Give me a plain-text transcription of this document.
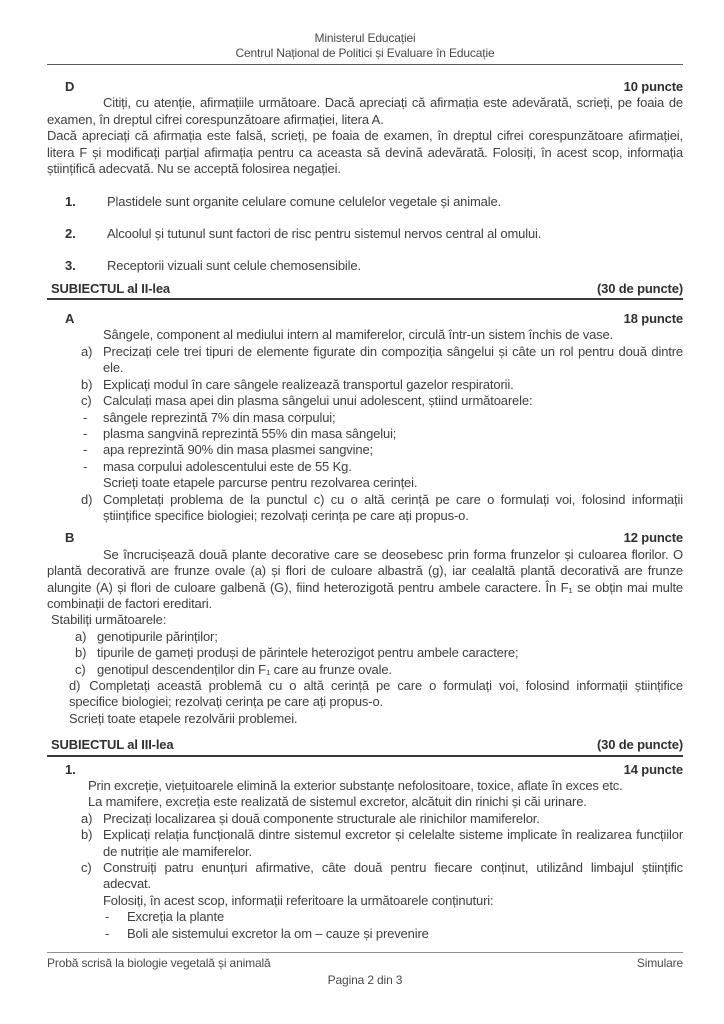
Ministerul Educației
Centrul Național de Politici și Evaluare în Educație
D	10 puncte

Citiți, cu atenție, afirmațiile următoare. Dacă apreciați că afirmația este adevărată, scrieți, pe foaia de examen, în dreptul cifrei corespunzătoare afirmației, litera A.

Dacă apreciați că afirmația este falsă, scrieți, pe foaia de examen, în dreptul cifrei corespunzătoare afirmației, litera F și modificați parțial afirmația pentru ca aceasta să devină adevărată. Folosiți, în acest scop, informația științifică adecvată. Nu se acceptă folosirea negației.

1. Plastidele sunt organite celulare comune celulelor vegetale și animale.
2. Alcoolul și tutunul sunt factori de risc pentru sistemul nervos central al omului.
3. Receptorii vizuali sunt celule chemosensibile.
SUBIECTUL al II-lea	(30 de puncte)
A	18 puncte

Sângele, component al mediului intern al mamiferelor, circulă într-un sistem închis de vase.

a) Precizați cele trei tipuri de elemente figurate din compoziția sângelui și câte un rol pentru două dintre ele.
b) Explicați modul în care sângele realizează transportul gazelor respiratorii.
c) Calculați masa apei din plasma sângelui unui adolescent, știind următoarele:
- sângele reprezintă 7% din masa corpului;
- plasma sangvină reprezintă 55% din masa sângelui;
- apa reprezintă 90% din masa plasmei sangvine;
- masa corpului adolescentului este de 55 Kg.
Scrieți toate etapele parcurse pentru rezolvarea cerinței.
d) Completați problema de la punctul c) cu o altă cerință pe care o formulați voi, folosind informații științifice specifice biologiei; rezolvați cerința pe care ați propus-o.
B	12 puncte

Se încrucișează două plante decorative care se deosebesc prin forma frunzelor și culoarea florilor. O plantă decorativă are frunze ovale (a) și flori de culoare albastră (g), iar cealaltă plantă decorativă are frunze alungite (A) și flori de culoare galbenă (G), fiind heterozigotă pentru ambele caractere. În F₁ se obțin mai multe combinații de factori ereditari.

Stabiliți următoarele:
a) genotipurile părinților;
b) tipurile de gameți produși de părintele heterozigot pentru ambele caractere;
c) genotipul descendenților din F₁ care au frunze ovale.
d) Completați această problemă cu o altă cerință pe care o formulați voi, folosind informații științifice specifice biologiei; rezolvați cerința pe care ați propus-o.
Scrieți toate etapele rezolvării problemei.
SUBIECTUL al III-lea	(30 de puncte)
1.	14 puncte
Prin excreție, viețuitoarele elimină la exterior substanțe nefolositoare, toxice, aflate în exces etc.
La mamifere, excreția este realizată de sistemul excretor, alcătuit din rinichi și căi urinare.
a) Precizați localizarea și două componente structurale ale rinichilor mamiferelor.
b) Explicați relația funcțională dintre sistemul excretor și celelalte sisteme implicate în realizarea funcțiilor de nutriție ale mamiferelor.
c) Construiți patru enunțuri afirmative, câte două pentru fiecare conținut, utilizând limbajul științific adecvat.
Folosiți, în acest scop, informații referitoare la următoarele conținuturi:
- Excreția la plante
- Boli ale sistemului excretor la om – cauze și prevenire
Probă scrisă la biologie vegetală și animală	Simulare
Pagina 2 din 3
